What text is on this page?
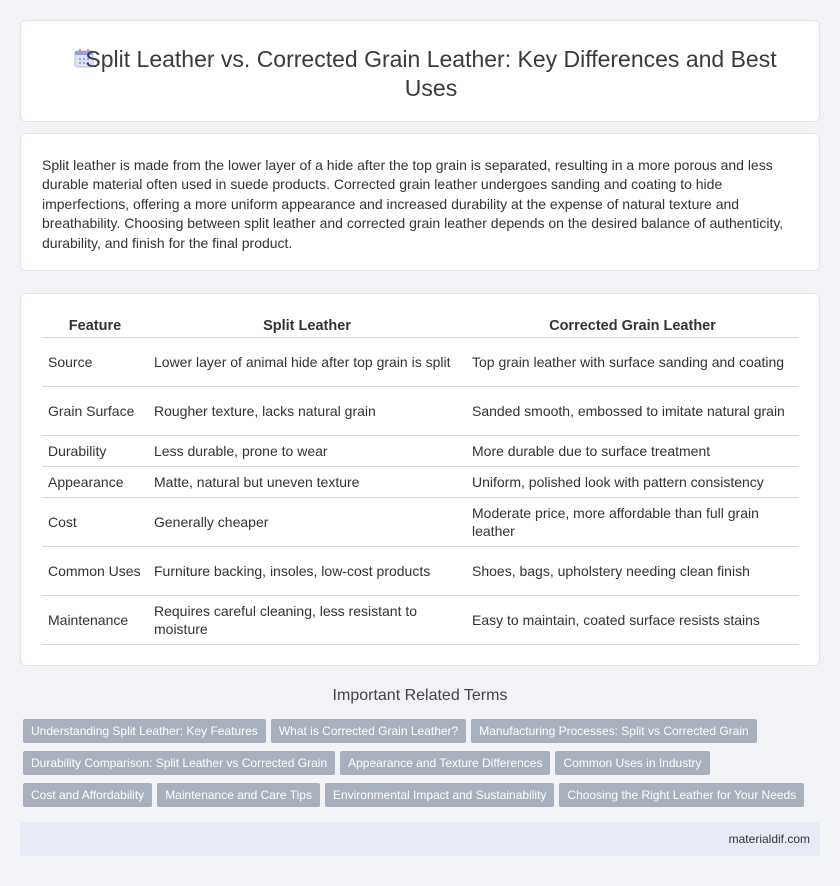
Split Leather vs. Corrected Grain Leather: Key Differences and Best Uses

Split leather is made from the lower layer of a hide after the top grain is separated, resulting in a more porous and less durable material often used in suede products. Corrected grain leather undergoes sanding and coating to hide imperfections, offering a more uniform appearance and increased durability at the expense of natural texture and breathability. Choosing between split leather and corrected grain leather depends on the desired balance of authenticity, durability, and finish for the final product.

Feature	Split Leather	Corrected Grain Leather
Source	Lower layer of animal hide after top grain is split	Top grain leather with surface sanding and coating
Grain Surface	Rougher texture, lacks natural grain	Sanded smooth, embossed to imitate natural grain
Durability	Less durable, prone to wear	More durable due to surface treatment
Appearance	Matte, natural but uneven texture	Uniform, polished look with pattern consistency
Cost	Generally cheaper	Moderate price, more affordable than full grain leather
Common Uses	Furniture backing, insoles, low-cost products	Shoes, bags, upholstery needing clean finish
Maintenance	Requires careful cleaning, less resistant to moisture	Easy to maintain, coated surface resists stains
Important Related Terms
Understanding Split Leather: Key Features What is Corrected Grain Leather? Manufacturing Processes: Split vs Corrected Grain
Durability Comparison: Split Leather vs Corrected Grain Appearance and Texture Differences Common Uses in Industry
Cost and Affordability Maintenance and Care Tips Environmental Impact and Sustainability Choosing the Right Leather for Your Needs
materialdif.com
